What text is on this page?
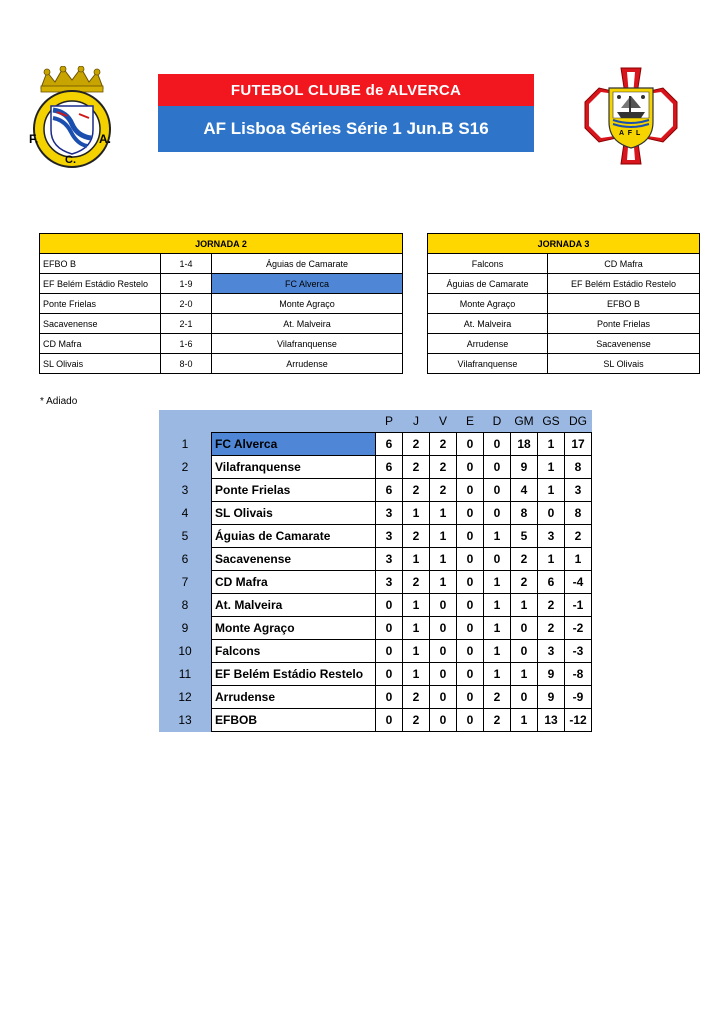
F.	A.
C.
FUTEBOL CLUBE de ALVERCA
AF Lisboa Séries Série 1 Jun.B S16	A F L
JORNADA 2		
EFBO B	1-4	Águias de Camarate
EF Belém Estádio Restelo	1-9	FC Alverca
Ponte Frielas	2-0	Monte Agraço
Sacavenense	2-1	At. Malveira
CD Mafra	1-6	Vilafranquense
SL Olivais	8-0	Arrudense
JORNADA 3	
Falcons	CD Mafra
Águias de Camarate	EF Belém Estádio Restelo
Monte Agraço	EFBO B
At. Malveira	Ponte Frielas
Arrudense	Sacavenense
Vilafranquense	SL Olivais
* Adiado
		P	J	V	E	D	GM	GS	DG
1	FC Alverca	6	2	2	0	0	18	1	17
2	Vilafranquense	6	2	2	0	0	9	1	8
3	Ponte Frielas	6	2	2	0	0	4	1	3
4	SL Olivais	3	1	1	0	0	8	0	8
5	Águias de Camarate	3	2	1	0	1	5	3	2
6	Sacavenense	3	1	1	0	0	2	1	1
7	CD Mafra	3	2	1	0	1	2	6	-4
8	At. Malveira	0	1	0	0	1	1	2	-1
9	Monte Agraço	0	1	0	0	1	0	2	-2
10	Falcons	0	1	0	0	1	0	3	-3
11	EF Belém Estádio Restelo	0	1	0	0	1	1	9	-8
12	Arrudense	0	2	0	0	2	0	9	-9
13	EFBOB	0	2	0	0	2	1	13	-12
